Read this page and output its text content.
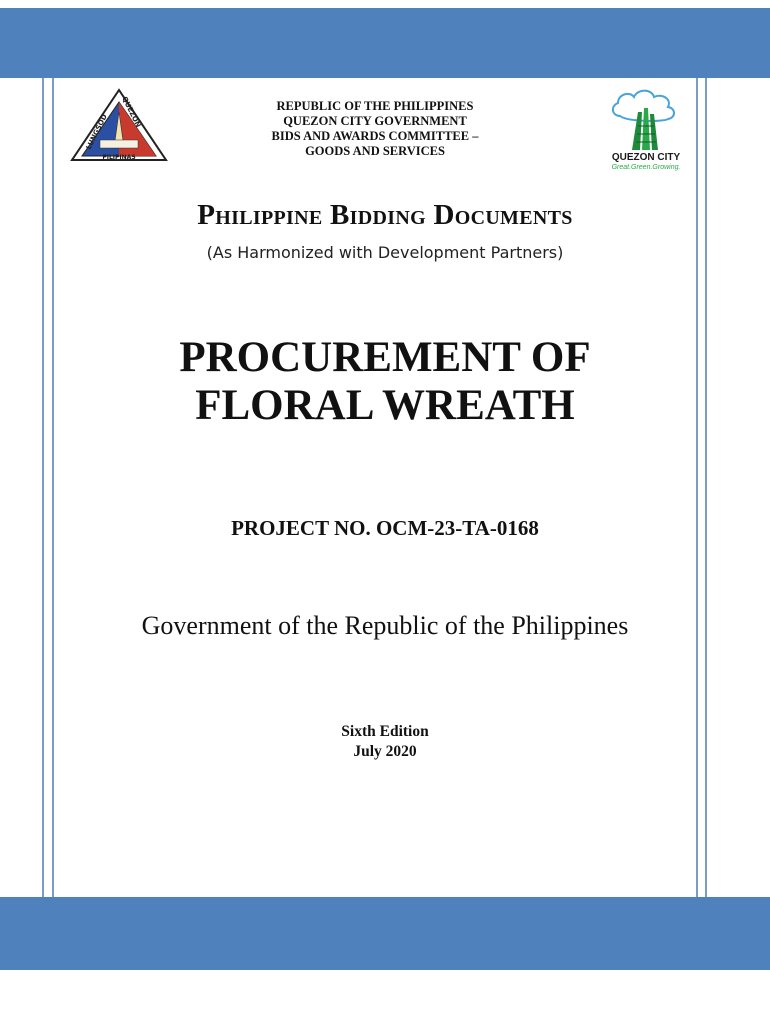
LUNGSOD
QUEZON
PILIPINAS
REPUBLIC OF THE PHILIPPINES
QUEZON CITY GOVERNMENT
BIDS AND AWARDS COMMITTEE –
GOODS AND SERVICES	QUEZON CITY
Great.Green.Growing.
Philippine Bidding Documents
(As Harmonized with Development Partners)
PROCUREMENT OF
FLORAL WREATH
PROJECT NO. OCM-23-TA-0168
Government of the Republic of the Philippines
Sixth Edition
July 2020
